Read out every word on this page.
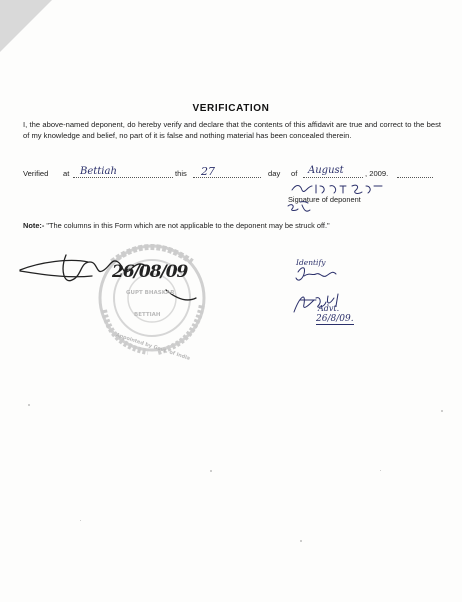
VERIFICATION
I, the above-named deponent, do hereby verify and declare that the contents of this affidavit are true and correct to the best of my knowledge and belief, no part of it is false and nothing material has been concealed therein.
Verified at Bettiah	this 27	day of August	, 2009.
Signature of deponent
Note:- "The columns in this Form which are not applicable to the deponent may be struck off."
GUPT BHASKAR
BETTIAH
Appointed by Govt. of India
26/08/09	Identify
Advt.
26/8/09.
